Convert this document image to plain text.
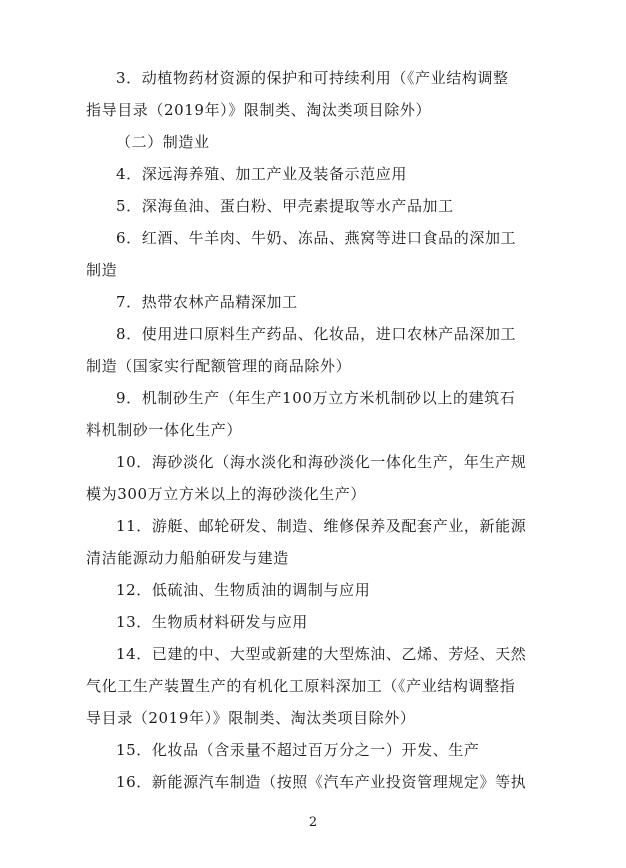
3．动植物药材资源的保护和可持续利用（《产业结构调整
指导目录（2019年）》限制类、淘汰类项目除外）
（二）制造业
4．深远海养殖、加工产业及装备示范应用
5．深海鱼油、蛋白粉、甲壳素提取等水产品加工
6．红酒、牛羊肉、牛奶、冻品、燕窝等进口食品的深加工
制造
7．热带农林产品精深加工
8．使用进口原料生产药品、化妆品，进口农林产品深加工
制造（国家实行配额管理的商品除外）
9．机制砂生产（年生产100万立方米机制砂以上的建筑石
料机制砂一体化生产）
10．海砂淡化（海水淡化和海砂淡化一体化生产，年生产规
模为300万立方米以上的海砂淡化生产）
11．游艇、邮轮研发、制造、维修保养及配套产业，新能源
清洁能源动力船舶研发与建造
12．低硫油、生物质油的调制与应用
13．生物质材料研发与应用
14．已建的中、大型或新建的大型炼油、乙烯、芳烃、天然
气化工生产装置生产的有机化工原料深加工（《产业结构调整指
导目录（2019年）》限制类、淘汰类项目除外）
15．化妆品（含汞量不超过百万分之一）开发、生产
16．新能源汽车制造（按照《汽车产业投资管理规定》等执
2
